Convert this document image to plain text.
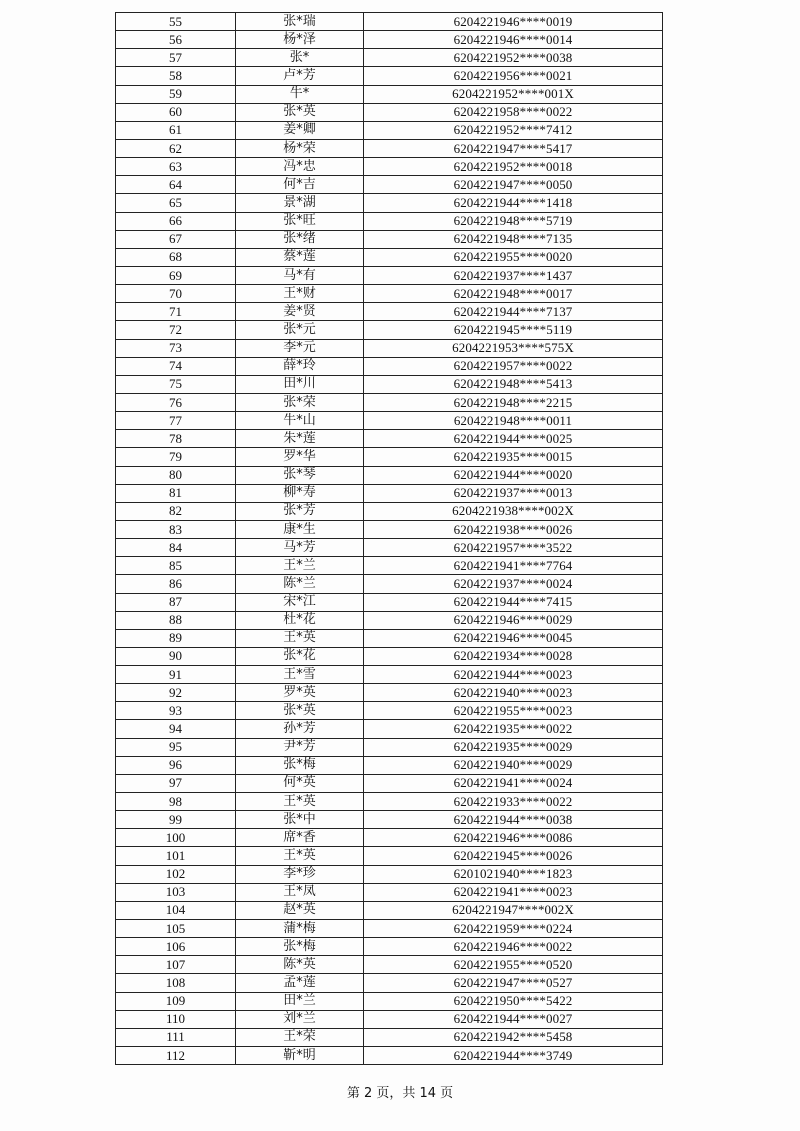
55	张*瑞	6204221946****0019
56	杨*泽	6204221946****0014
57	张*	6204221952****0038
58	卢*芳	6204221956****0021
59	牛*	6204221952****001X
60	张*英	6204221958****0022
61	姜*卿	6204221952****7412
62	杨*荣	6204221947****5417
63	冯*忠	6204221952****0018
64	何*吉	6204221947****0050
65	景*湖	6204221944****1418
66	张*旺	6204221948****5719
67	张*绪	6204221948****7135
68	蔡*莲	6204221955****0020
69	马*有	6204221937****1437
70	王*财	6204221948****0017
71	姜*贤	6204221944****7137
72	张*元	6204221945****5119
73	李*元	6204221953****575X
74	薛*玲	6204221957****0022
75	田*川	6204221948****5413
76	张*荣	6204221948****2215
77	牛*山	6204221948****0011
78	朱*莲	6204221944****0025
79	罗*华	6204221935****0015
80	张*琴	6204221944****0020
81	柳*寿	6204221937****0013
82	张*芳	6204221938****002X
83	康*生	6204221938****0026
84	马*芳	6204221957****3522
85	王*兰	6204221941****7764
86	陈*兰	6204221937****0024
87	宋*江	6204221944****7415
88	杜*花	6204221946****0029
89	王*英	6204221946****0045
90	张*花	6204221934****0028
91	王*雪	6204221944****0023
92	罗*英	6204221940****0023
93	张*英	6204221955****0023
94	孙*芳	6204221935****0022
95	尹*芳	6204221935****0029
96	张*梅	6204221940****0029
97	何*英	6204221941****0024
98	王*英	6204221933****0022
99	张*中	6204221944****0038
100	席*香	6204221946****0086
101	王*英	6204221945****0026
102	李*珍	6201021940****1823
103	王*凤	6204221941****0023
104	赵*英	6204221947****002X
105	蒲*梅	6204221959****0224
106	张*梅	6204221946****0022
107	陈*英	6204221955****0520
108	孟*莲	6204221947****0527
109	田*兰	6204221950****5422
110	刘*兰	6204221944****0027
111	王*荣	6204221942****5458
112	靳*明	6204221944****3749
第 2 页，共 14 页
